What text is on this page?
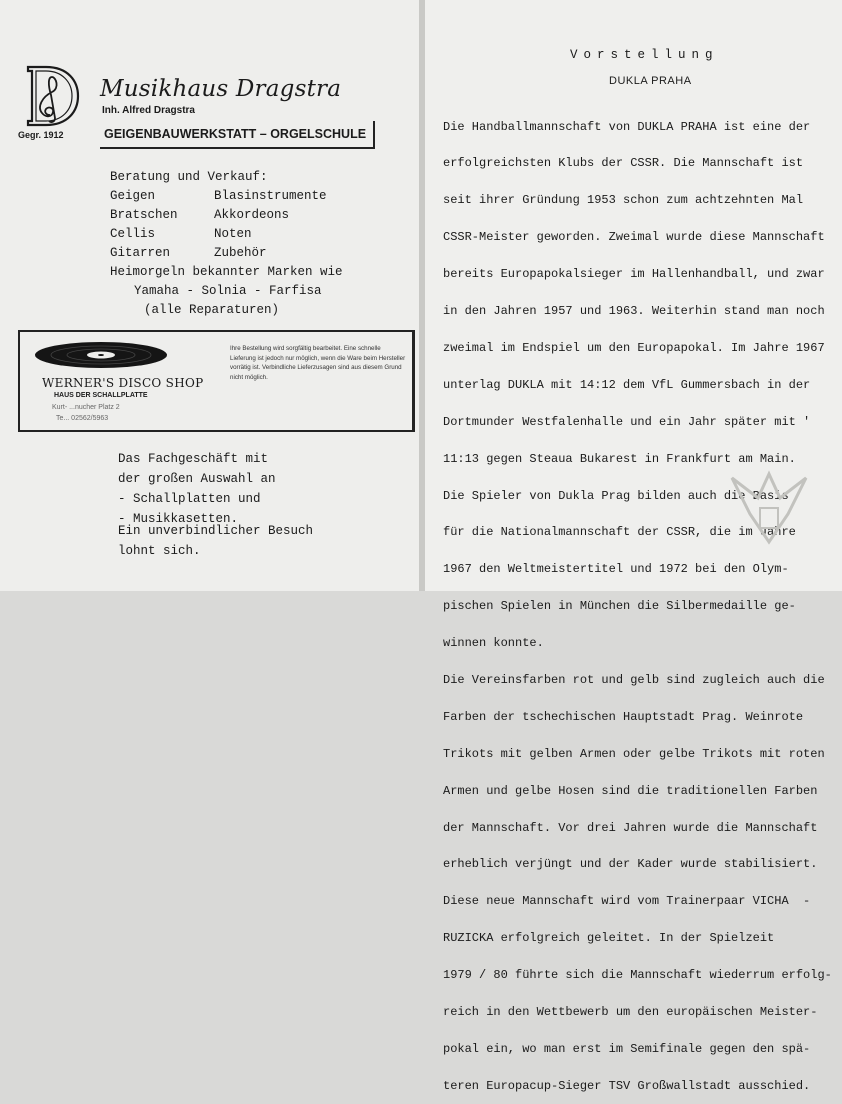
Gegr. 1912
Musikhaus Dragstra
Inh. Alfred Dragstra
GEIGENBAUWERKSTATT – ORGELSCHULE
Beratung und Verkauf:
Geigen	Blasinstrumente
Bratschen	Akkordeons
Cellis	Noten
Gitarren	Zubehör
Heimorgeln bekannter Marken wie
Yamaha - Solnia - Farfisa
(alle Reparaturen)
WERNER'S DISCO SHOP
HAUS DER SCHALLPLATTE
Kurt- ...nucher Platz 2
Te... 02562/5963
Ihre Bestellung wird sorgfältig bearbeitet. Eine schnelle Lieferung ist jedoch nur möglich, wenn die Ware beim Hersteller vorrätig ist. Verbindliche Lieferzusagen sind aus diesem Grund nicht möglich.
Das Fachgeschäft mit
der großen Auswahl an
- Schallplatten und
- Musikkasetten.
Ein unverbindlicher Besuch
lohnt sich.
Vorstellung
DUKLA PRAHA

Die Handballmannschaft von DUKLA PRAHA ist eine der

erfolgreichsten Klubs der CSSR. Die Mannschaft ist

seit ihrer Gründung 1953 schon zum achtzehnten Mal

CSSR-Meister geworden. Zweimal wurde diese Mannschaft

bereits Europapokalsieger im Hallenhandball, und zwar

in den Jahren 1957 und 1963. Weiterhin stand man noch

zweimal im Endspiel um den Europapokal. Im Jahre 1967

unterlag DUKLA mit 14:12 dem VfL Gummersbach in der

Dortmunder Westfalenhalle und ein Jahr später mit '

11:13 gegen Steaua Bukarest in Frankfurt am Main.

Die Spieler von Dukla Prag bilden auch die Basis

für die Nationalmannschaft der CSSR, die im Jahre

1967 den Weltmeistertitel und 1972 bei den Olym-

pischen Spielen in München die Silbermedaille ge-

winnen konnte.

Die Vereinsfarben rot und gelb sind zugleich auch die

Farben der tschechischen Hauptstadt Prag. Weinrote

Trikots mit gelben Armen oder gelbe Trikots mit roten

Armen und gelbe Hosen sind die traditionellen Farben

der Mannschaft. Vor drei Jahren wurde die Mannschaft

erheblich verjüngt und der Kader wurde stabilisiert.

Diese neue Mannschaft wird vom Trainerpaar VICHA  -

RUZICKA erfolgreich geleitet. In der Spielzeit

1979 / 80 führte sich die Mannschaft wiederrum erfolg-

reich in den Wettbewerb um den europäischen Meister-

pokal ein, wo man erst im Semifinale gegen den spä-

teren Europacup-Sieger TSV Großwallstadt ausschied.
